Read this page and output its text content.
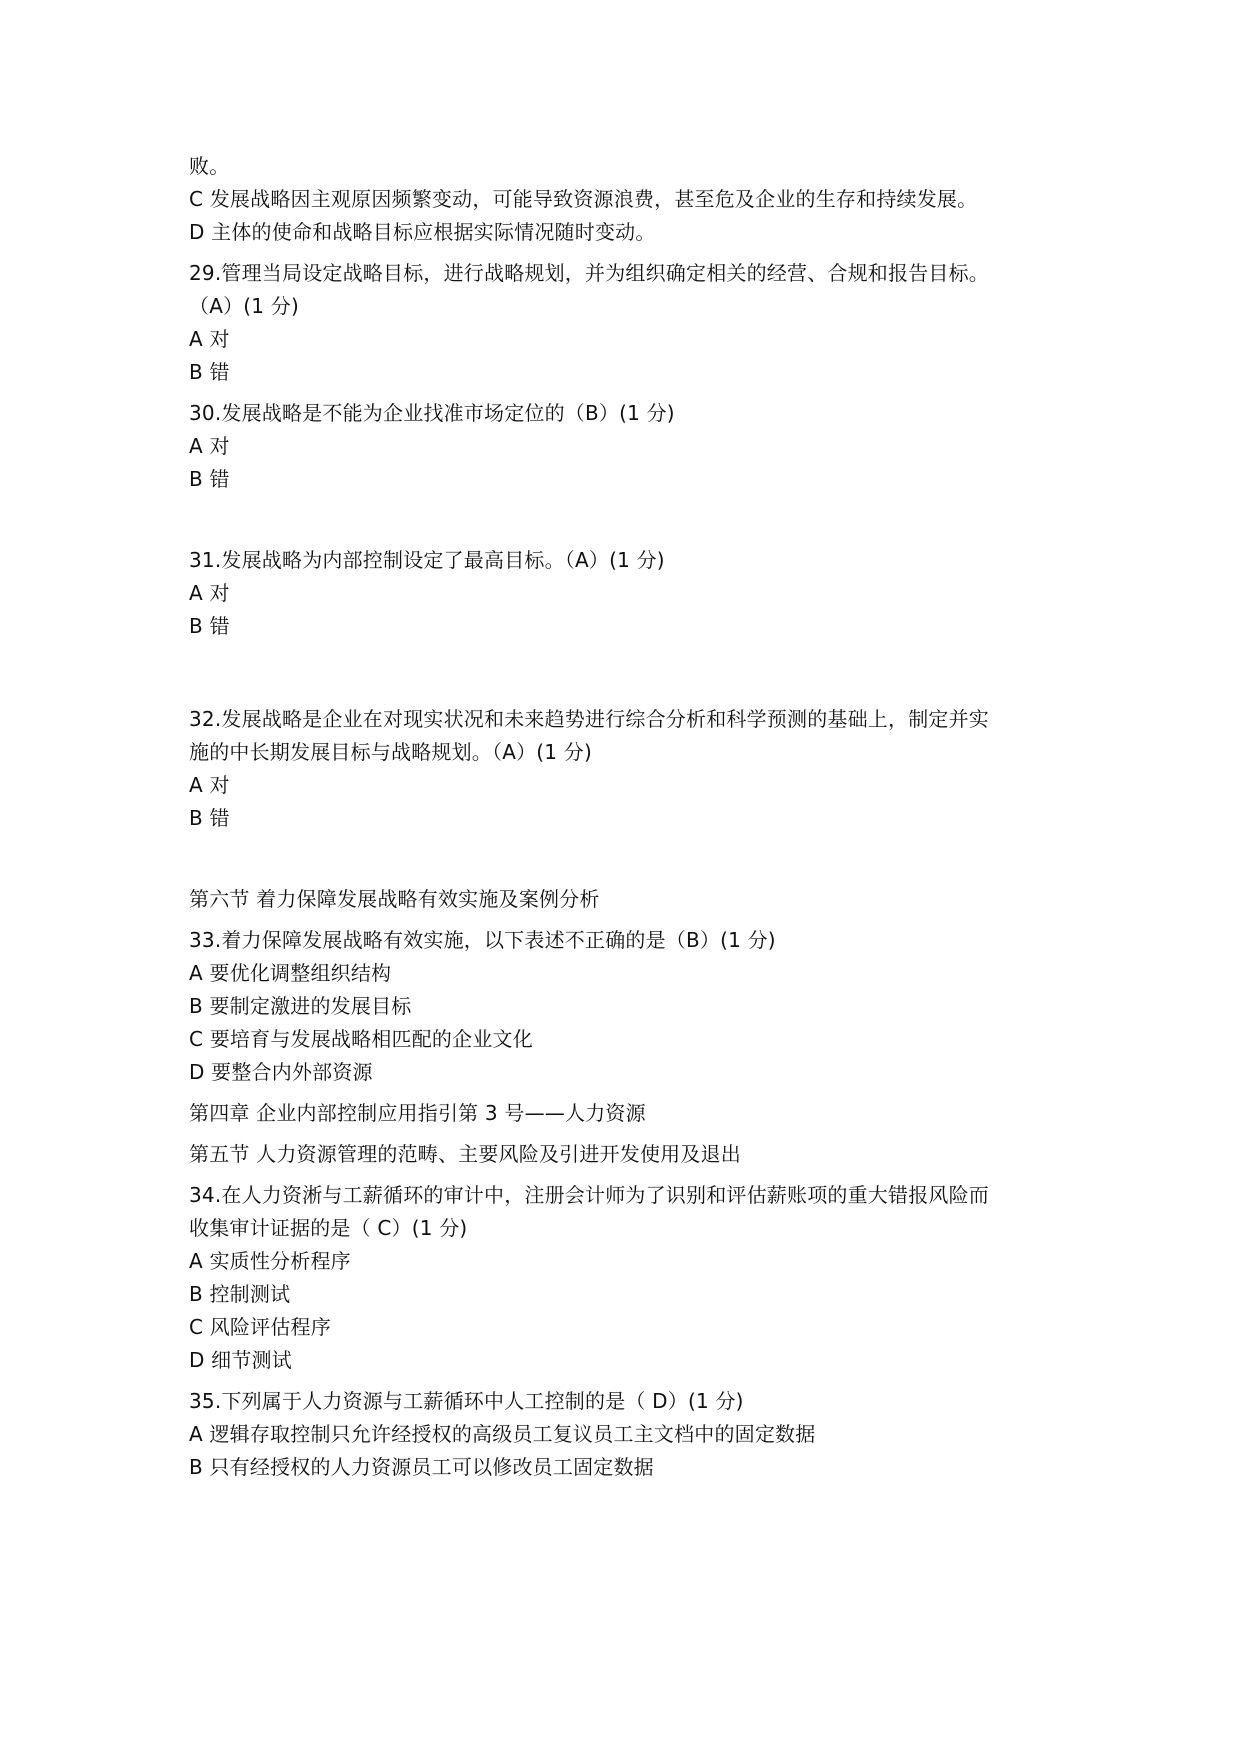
败。
C 发展战略因主观原因频繁变动，可能导致资源浪费，甚至危及企业的生存和持续发展。
D 主体的使命和战略目标应根据实际情况随时变动。
29.管理当局设定战略目标，进行战略规划，并为组织确定相关的经营、合规和报告目标。
（A）(1 分)
A 对
B 错
30.发展战略是不能为企业找准市场定位的（B）(1 分)
A 对
B 错
31.发展战略为内部控制设定了最高目标。（A）(1 分)
A 对
B 错
32.发展战略是企业在对现实状况和未来趋势进行综合分析和科学预测的基础上，制定并实
施的中长期发展目标与战略规划。（A）(1 分)
A 对
B 错
第六节 着力保障发展战略有效实施及案例分析
33.着力保障发展战略有效实施，以下表述不正确的是（B）(1 分)
A 要优化调整组织结构
B 要制定激进的发展目标
C 要培育与发展战略相匹配的企业文化
D 要整合内外部资源
第四章 企业内部控制应用指引第 3 号——人力资源
第五节 人力资源管理的范畴、主要风险及引进开发使用及退出
34.在人力资淅与工薪循环的审计中，注册会计师为了识别和评估薪账项的重大错报风险而
收集审计证据的是（ C）(1 分)
A 实质性分析程序
B 控制测试
C 风险评估程序
D 细节测试
35.下列属于人力资源与工薪循环中人工控制的是（ D）(1 分)
A 逻辑存取控制只允许经授权的高级员工复议员工主文档中的固定数据
B 只有经授权的人力资源员工可以修改员工固定数据
